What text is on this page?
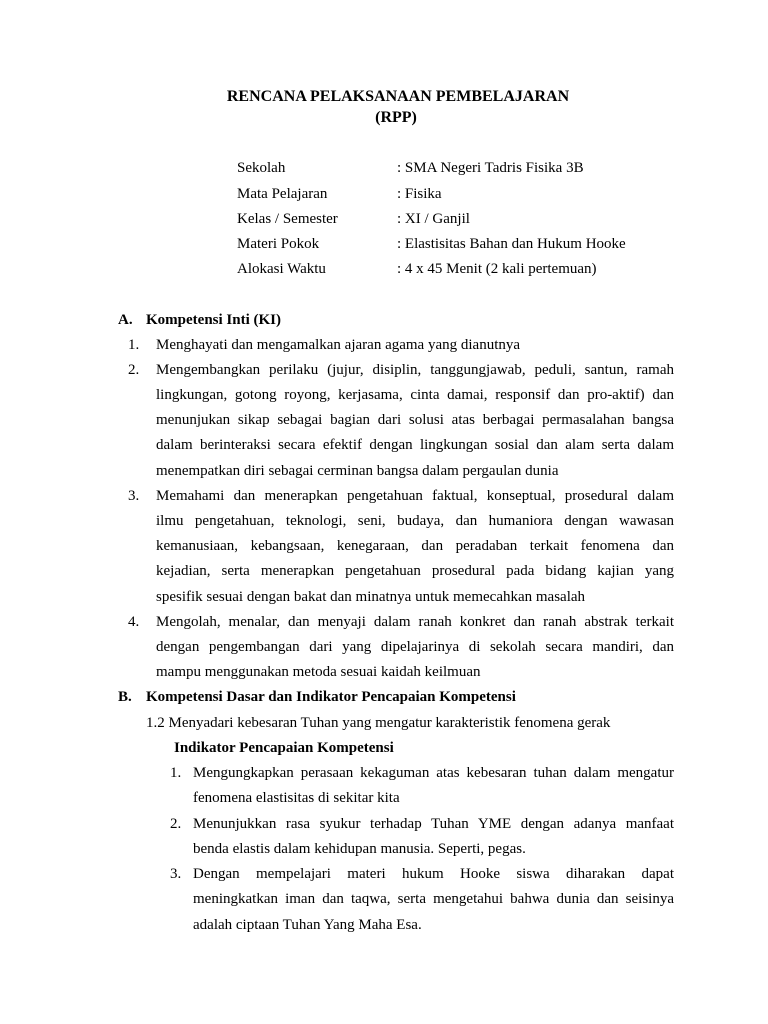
RENCANA PELAKSANAAN PEMBELAJARAN
(RPP)
Sekolah	: SMA Negeri Tadris Fisika 3B
Mata Pelajaran	: Fisika
Kelas / Semester	: XI / Ganjil
Materi Pokok	: Elastisitas Bahan dan Hukum Hooke
Alokasi Waktu	: 4 x 45 Menit (2 kali pertemuan)
A. Kompetensi Inti (KI)
1. Menghayati dan mengamalkan ajaran agama yang dianutnya
2. Mengembangkan perilaku (jujur, disiplin, tanggungjawab, peduli, santun, ramah
lingkungan, gotong royong, kerjasama, cinta damai, responsif dan pro-aktif) dan
menunjukan sikap sebagai bagian dari solusi atas berbagai permasalahan bangsa
dalam berinteraksi secara efektif dengan lingkungan sosial dan alam serta dalam
menempatkan diri sebagai cerminan bangsa dalam pergaulan dunia
3. Memahami dan menerapkan pengetahuan faktual, konseptual, prosedural dalam
ilmu pengetahuan, teknologi, seni, budaya, dan humaniora dengan wawasan
kemanusiaan, kebangsaan, kenegaraan, dan peradaban terkait fenomena dan
kejadian, serta menerapkan pengetahuan prosedural pada bidang kajian yang
spesifik sesuai dengan bakat dan minatnya untuk memecahkan masalah
4. Mengolah, menalar, dan menyaji dalam ranah konkret dan ranah abstrak terkait
dengan pengembangan dari yang dipelajarinya di sekolah secara mandiri, dan
mampu menggunakan metoda sesuai kaidah keilmuan
B. Kompetensi Dasar dan Indikator Pencapaian Kompetensi
1.2 Menyadari kebesaran Tuhan yang mengatur karakteristik fenomena gerak
Indikator Pencapaian Kompetensi
1. Mengungkapkan perasaan kekaguman atas kebesaran tuhan dalam mengatur
fenomena elastisitas di sekitar kita
2. Menunjukkan rasa syukur terhadap Tuhan YME dengan adanya manfaat
benda elastis dalam kehidupan manusia. Seperti, pegas.
3. Dengan mempelajari materi hukum Hooke siswa diharakan dapat
meningkatkan iman dan taqwa, serta mengetahui bahwa dunia dan seisinya
adalah ciptaan Tuhan Yang Maha Esa.
